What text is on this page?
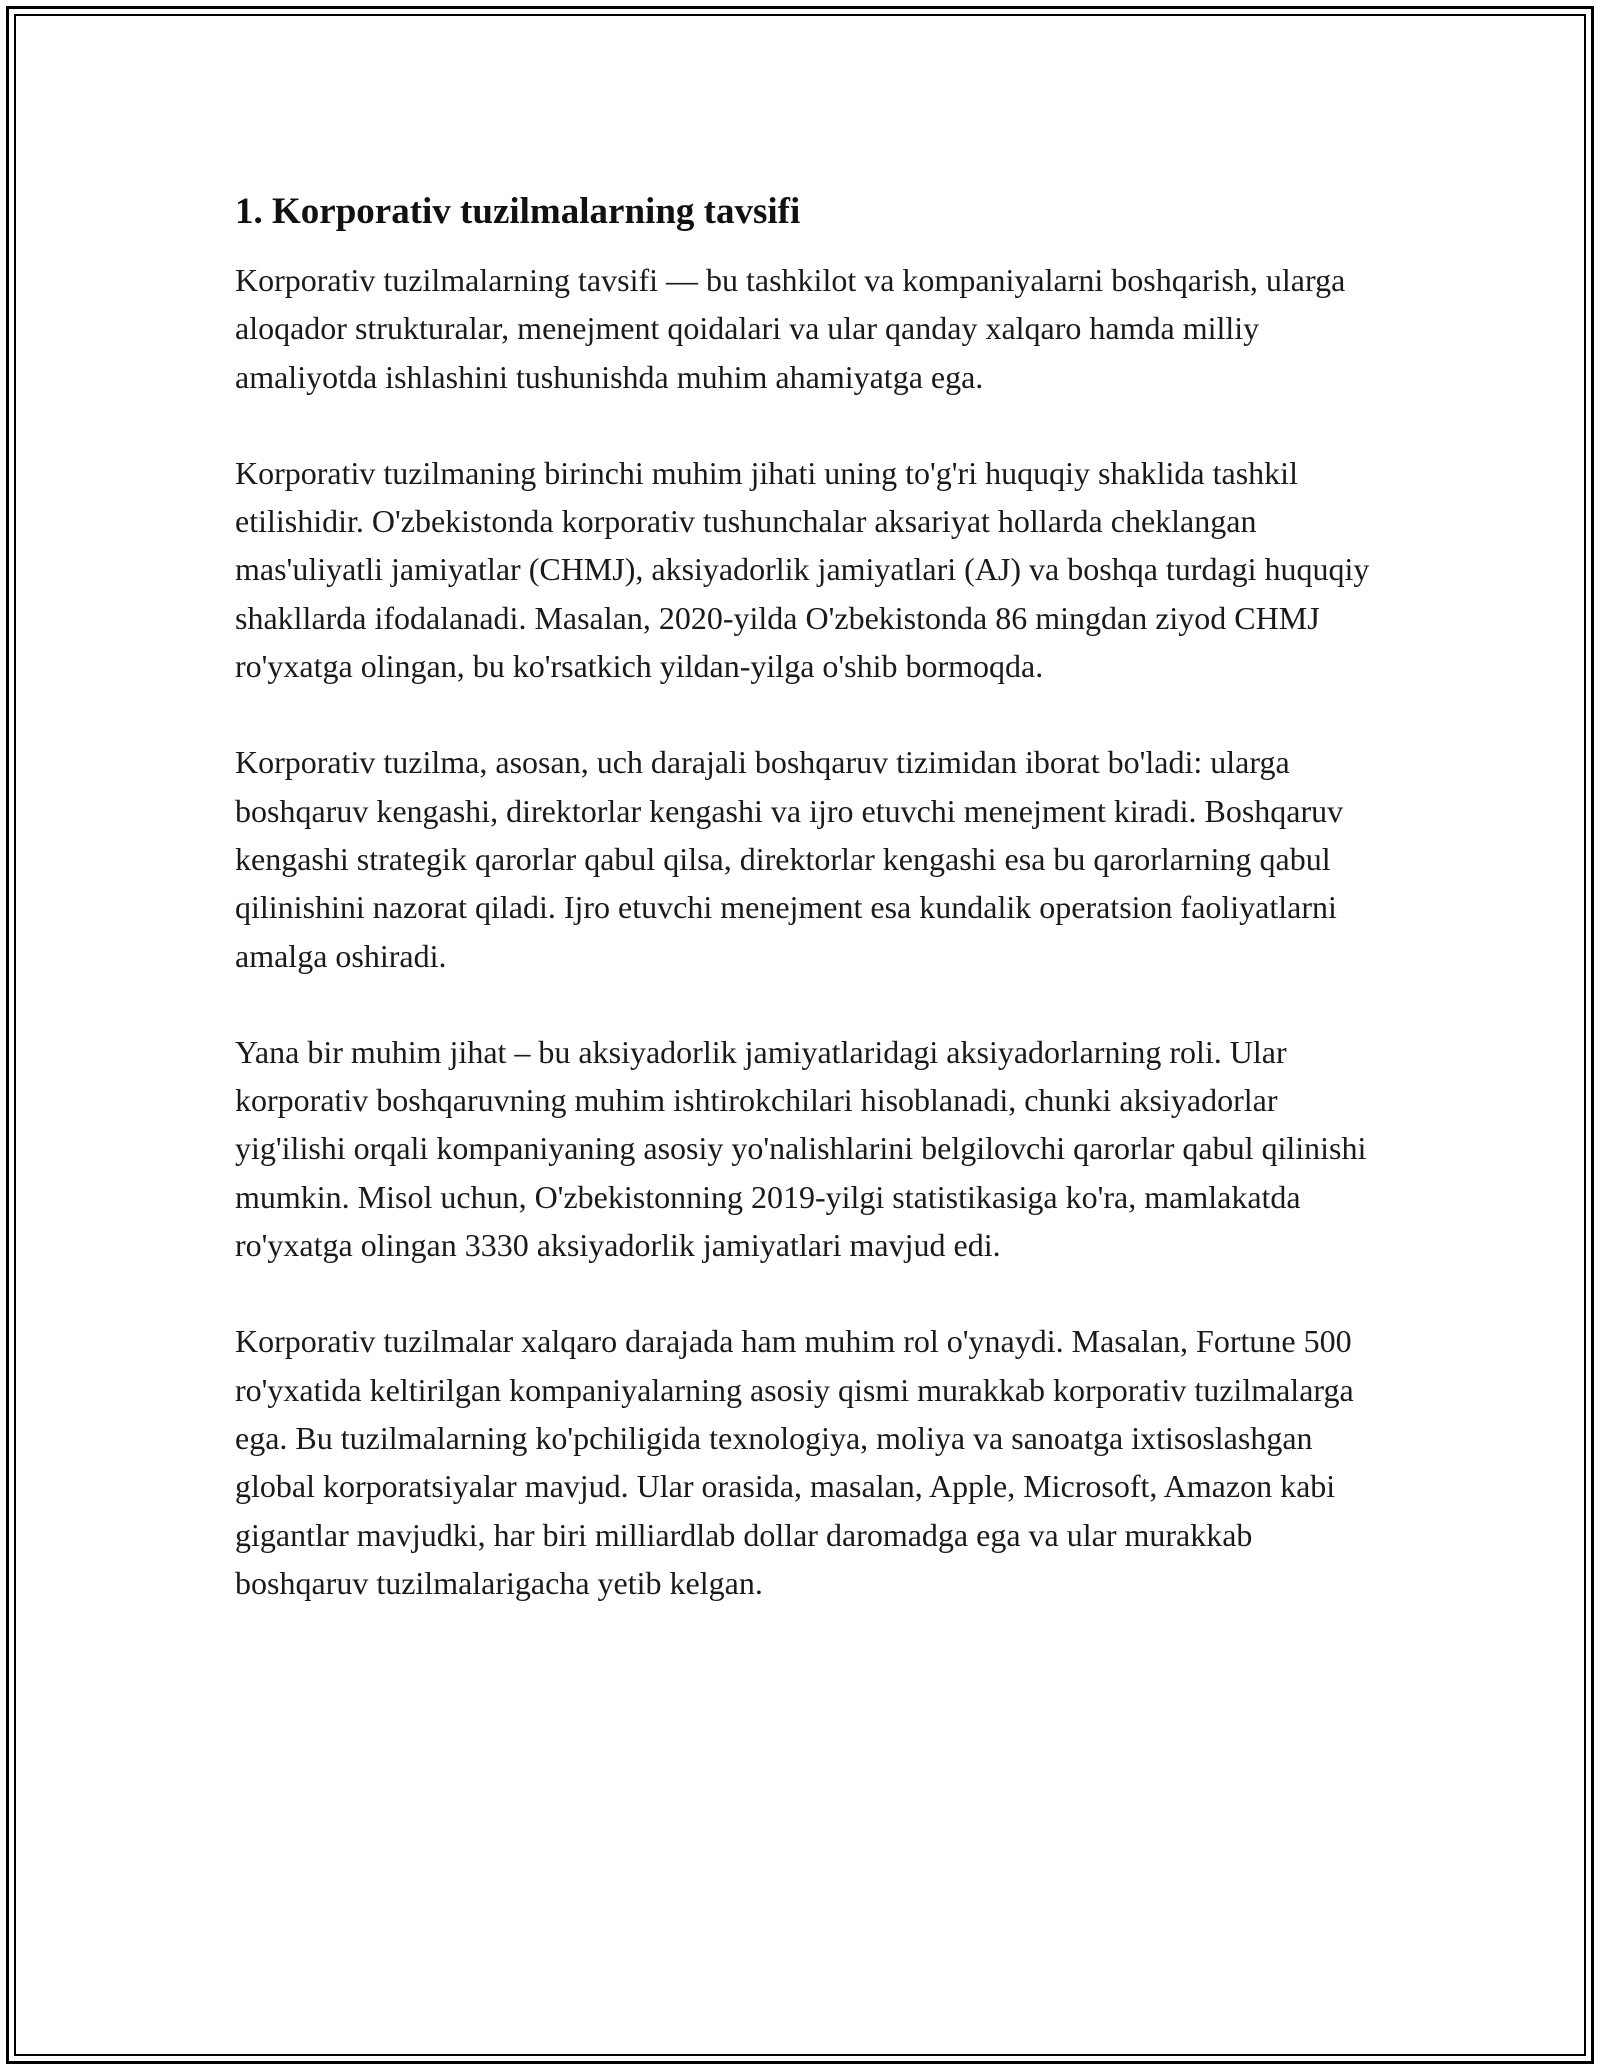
1. Korporativ tuzilmalarning tavsifi

Korporativ tuzilmalarning tavsifi — bu tashkilot va kompaniyalarni boshqarish, ularga aloqador strukturalar, menejment qoidalari va ular qanday xalqaro hamda milliy amaliyotda ishlashini tushunishda muhim ahamiyatga ega.

Korporativ tuzilmaning birinchi muhim jihati uning to'g'ri huquqiy shaklida tashkil etilishidir. O'zbekistonda korporativ tushunchalar aksariyat hollarda cheklangan mas'uliyatli jamiyatlar (CHMJ), aksiyadorlik jamiyatlari (AJ) va boshqa turdagi huquqiy shakllarda ifodalanadi. Masalan, 2020-yilda O'zbekistonda 86 mingdan ziyod CHMJ ro'yxatga olingan, bu ko'rsatkich yildan-yilga o'shib bormoqda.

Korporativ tuzilma, asosan, uch darajali boshqaruv tizimidan iborat bo'ladi: ularga boshqaruv kengashi, direktorlar kengashi va ijro etuvchi menejment kiradi. Boshqaruv kengashi strategik qarorlar qabul qilsa, direktorlar kengashi esa bu qarorlarning qabul qilinishini nazorat qiladi. Ijro etuvchi menejment esa kundalik operatsion faoliyatlarni amalga oshiradi.

Yana bir muhim jihat – bu aksiyadorlik jamiyatlaridagi aksiyadorlarning roli. Ular korporativ boshqaruvning muhim ishtirokchilari hisoblanadi, chunki aksiyadorlar yig'ilishi orqali kompaniyaning asosiy yo'nalishlarini belgilovchi qarorlar qabul qilinishi mumkin. Misol uchun, O'zbekistonning 2019-yilgi statistikasiga ko'ra, mamlakatda ro'yxatga olingan 3330 aksiyadorlik jamiyatlari mavjud edi.

Korporativ tuzilmalar xalqaro darajada ham muhim rol o'ynaydi. Masalan, Fortune 500 ro'yxatida keltirilgan kompaniyalarning asosiy qismi murakkab korporativ tuzilmalarga ega. Bu tuzilmalarning ko'pchiligida texnologiya, moliya va sanoatga ixtisoslashgan global korporatsiyalar mavjud. Ular orasida, masalan, Apple, Microsoft, Amazon kabi gigantlar mavjudki, har biri milliardlab dollar daromadga ega va ular murakkab boshqaruv tuzilmalarigacha yetib kelgan.
